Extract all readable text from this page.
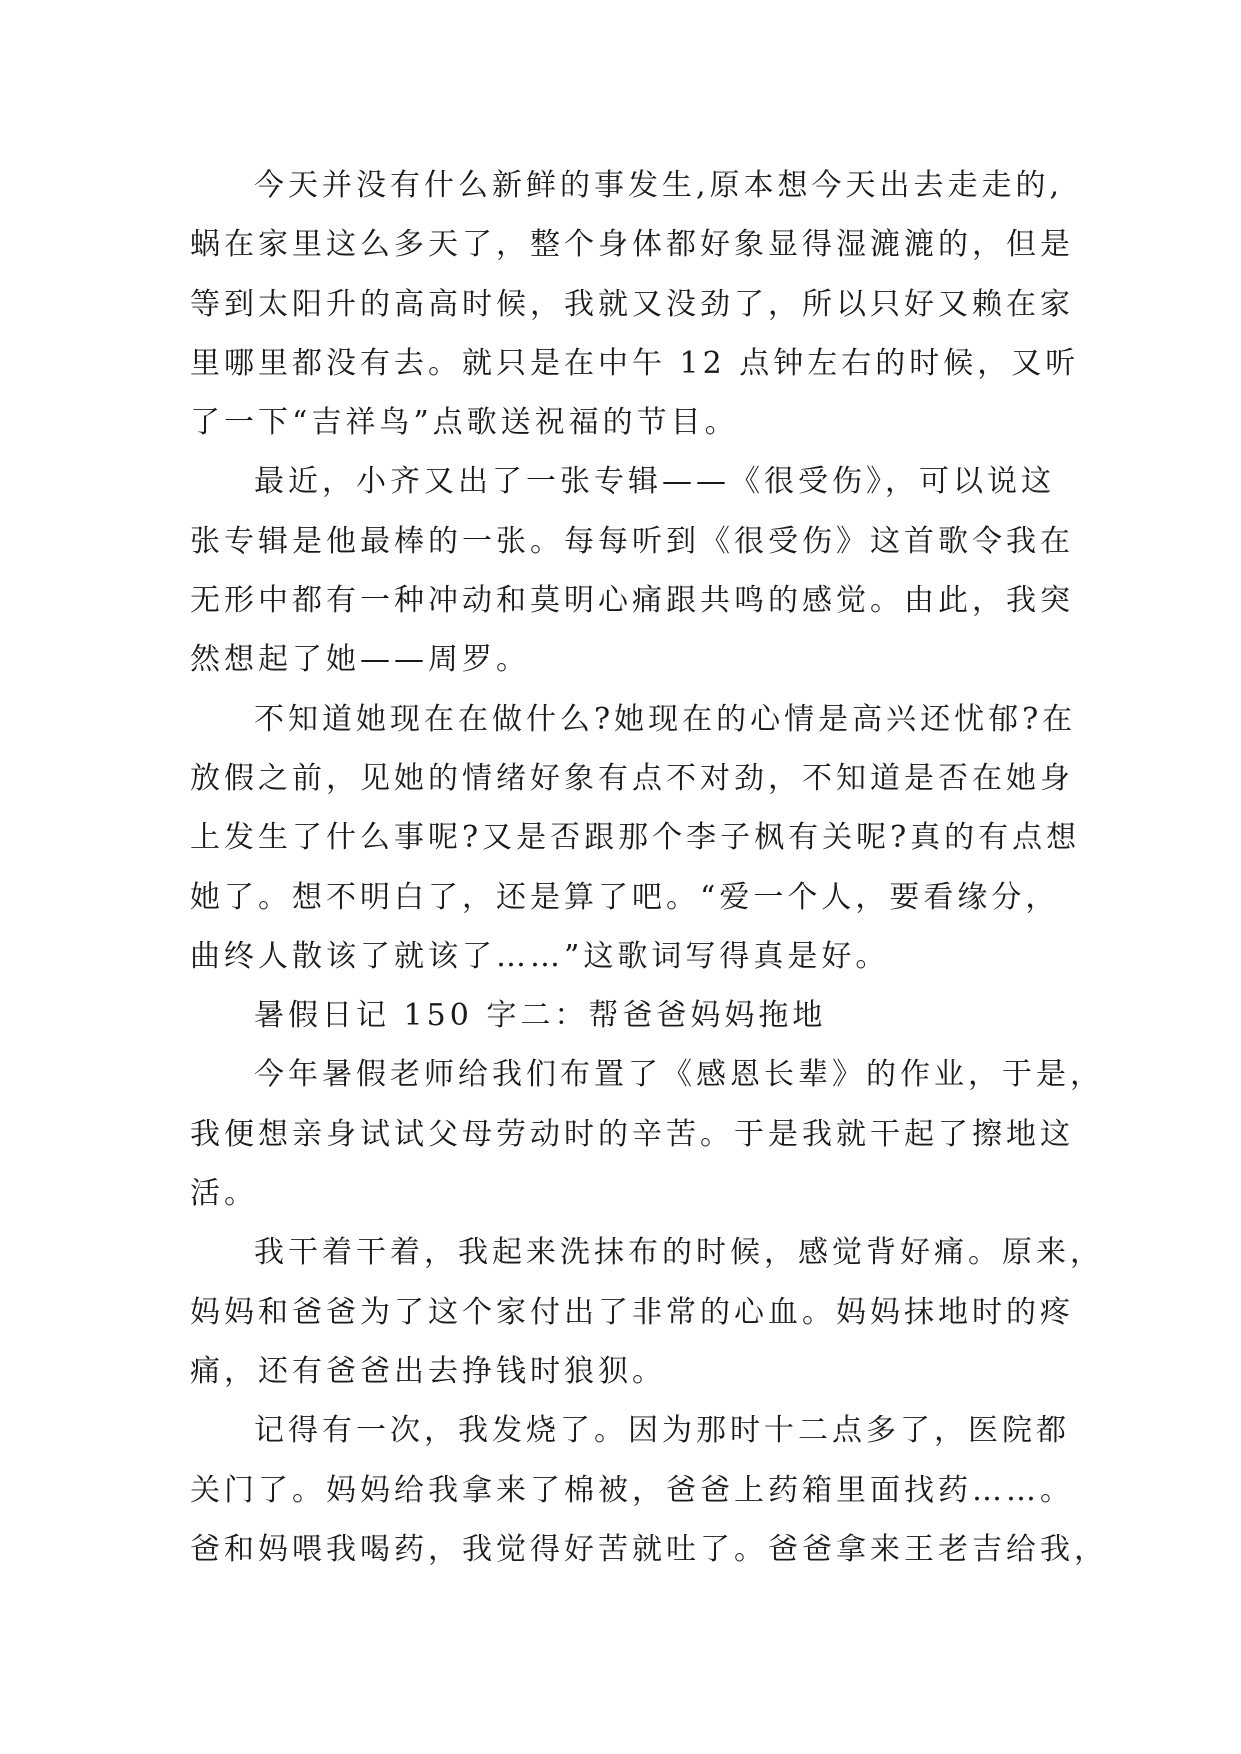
今天并没有什么新鲜的事发生,原本想今天出去走走的,
蜗在家里这么多天了，整个身体都好象显得湿漉漉的，但是
等到太阳升的高高时候，我就又没劲了，所以只好又赖在家
里哪里都没有去。就只是在中午 12 点钟左右的时候，又听
了一下“吉祥鸟”点歌送祝福的节目。
最近，小齐又出了一张专辑——《很受伤》，可以说这
张专辑是他最棒的一张。每每听到《很受伤》这首歌令我在
无形中都有一种冲动和莫明心痛跟共鸣的感觉。由此，我突
然想起了她——周罗。
不知道她现在在做什么?她现在的心情是高兴还忧郁?在
放假之前，见她的情绪好象有点不对劲，不知道是否在她身
上发生了什么事呢?又是否跟那个李子枫有关呢?真的有点想
她了。想不明白了，还是算了吧。“爱一个人，要看缘分，
曲终人散该了就该了……”这歌词写得真是好。
暑假日记 150 字二：帮爸爸妈妈拖地
今年暑假老师给我们布置了《感恩长辈》的作业，于是，
我便想亲身试试父母劳动时的辛苦。于是我就干起了擦地这
活。
我干着干着，我起来洗抹布的时候，感觉背好痛。原来，
妈妈和爸爸为了这个家付出了非常的心血。妈妈抹地时的疼
痛，还有爸爸出去挣钱时狼狈。
记得有一次，我发烧了。因为那时十二点多了，医院都
关门了。妈妈给我拿来了棉被，爸爸上药箱里面找药……。
爸和妈喂我喝药，我觉得好苦就吐了。爸爸拿来王老吉给我，
